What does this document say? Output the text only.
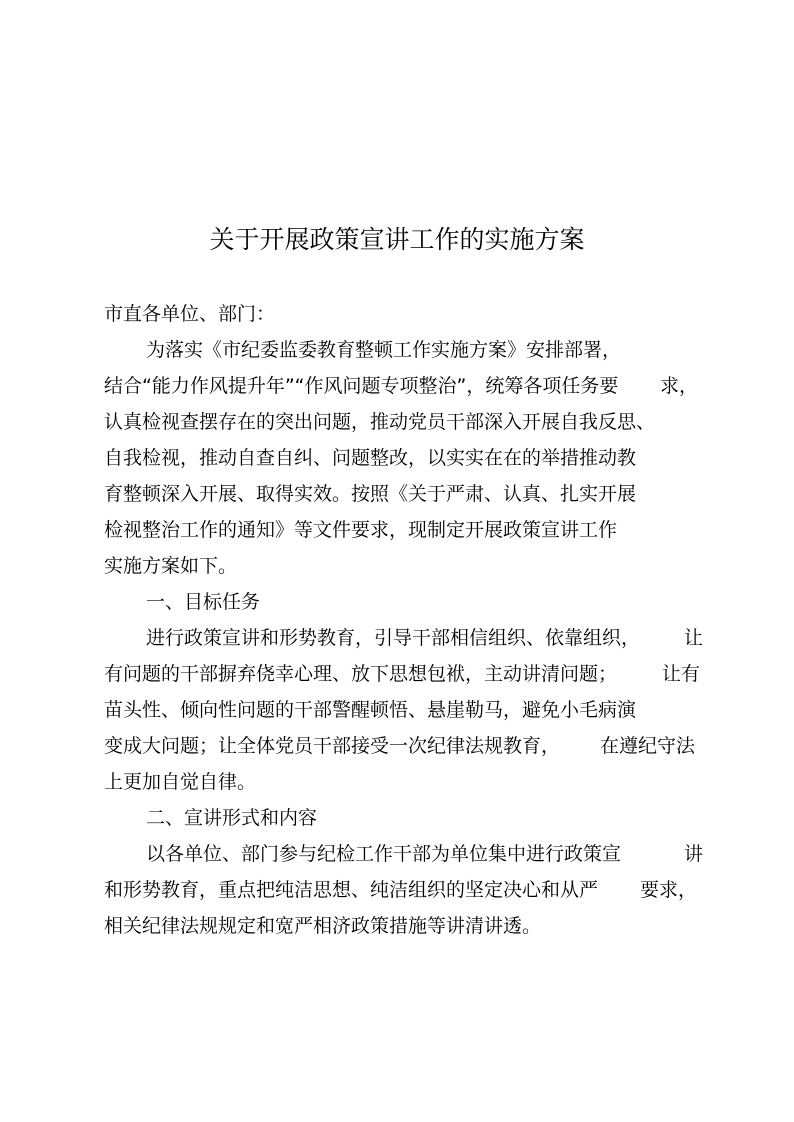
关于开展政策宣讲工作的实施方案
市直各单位、部门：
为落实《市纪委监委教育整顿工作实施方案》安排部署，
结合“能力作风提升年”“作风问题专项整治”，统筹各项任务要 求，
认真检视查摆存在的突出问题，推动党员干部深入开展自我反思、
自我检视，推动自查自纠、问题整改，以实实在在的举措推动教
育整顿深入开展、取得实效。按照《关于严肃、认真、扎实开展
检视整治工作的通知》等文件要求，现制定开展政策宣讲工作
实施方案如下。
一、目标任务
进行政策宣讲和形势教育，引导干部相信组织、依靠组织， 让
有问题的干部摒弃侥幸心理、放下思想包袱，主动讲清问题； 让有
苗头性、倾向性问题的干部警醒顿悟、悬崖勒马，避免小毛病演
变成大问题；让全体党员干部接受一次纪律法规教育， 在遵纪守法
上更加自觉自律。
二、宣讲形式和内容
以各单位、部门参与纪检工作干部为单位集中进行政策宣	讲
和形势教育，重点把纯洁思想、纯洁组织的坚定决心和从严 要求，
相关纪律法规规定和宽严相济政策措施等讲清讲透。
